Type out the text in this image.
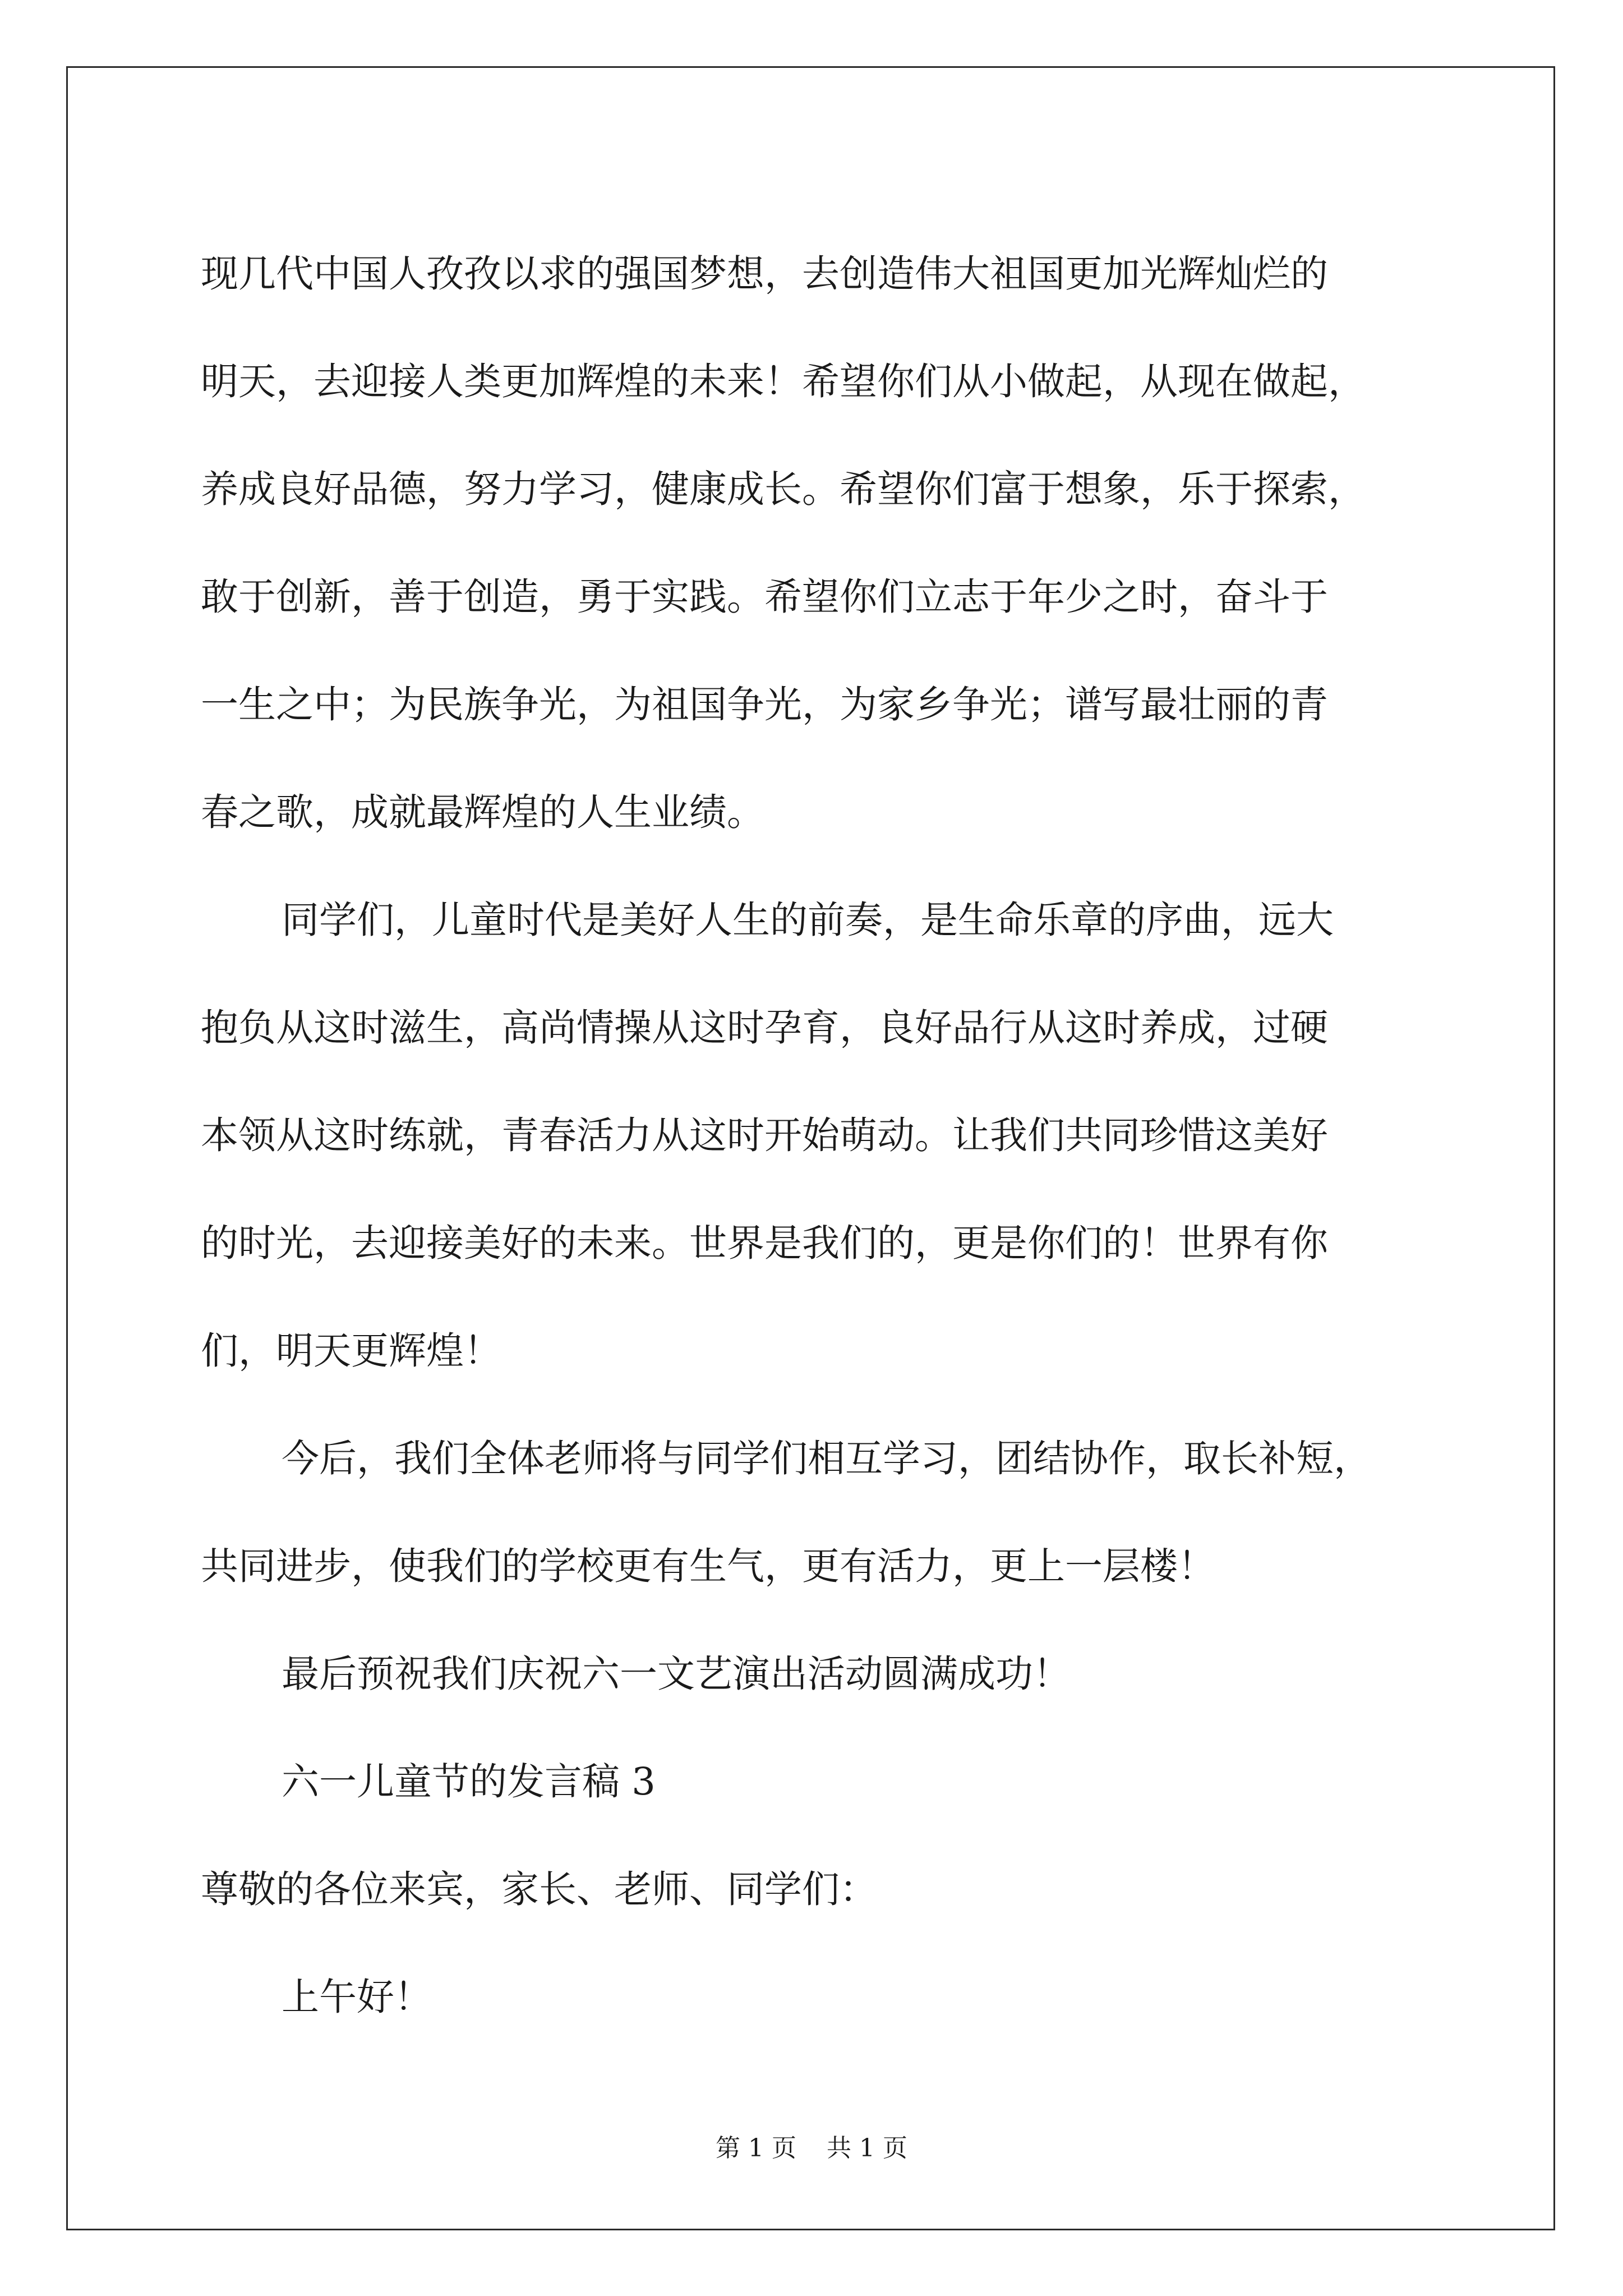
现几代中国人孜孜以求的强国梦想，去创造伟大祖国更加光辉灿烂的
明天，去迎接人类更加辉煌的未来！希望你们从小做起，从现在做起，
养成良好品德，努力学习，健康成长。希望你们富于想象，乐于探索，
敢于创新，善于创造，勇于实践。希望你们立志于年少之时，奋斗于
一生之中；为民族争光，为祖国争光，为家乡争光；谱写最壮丽的青
春之歌，成就最辉煌的人生业绩。
同学们，儿童时代是美好人生的前奏，是生命乐章的序曲，远大
抱负从这时滋生，高尚情操从这时孕育，良好品行从这时养成，过硬
本领从这时练就，青春活力从这时开始萌动。让我们共同珍惜这美好
的时光，去迎接美好的未来。世界是我们的，更是你们的！世界有你
们，明天更辉煌！
今后，我们全体老师将与同学们相互学习，团结协作，取长补短，
共同进步，使我们的学校更有生气，更有活力，更上一层楼！
最后预祝我们庆祝六一文艺演出活动圆满成功！
六一儿童节的发言稿 3
尊敬的各位来宾，家长、老师、同学们：
上午好！
第 1 页 共 1 页
